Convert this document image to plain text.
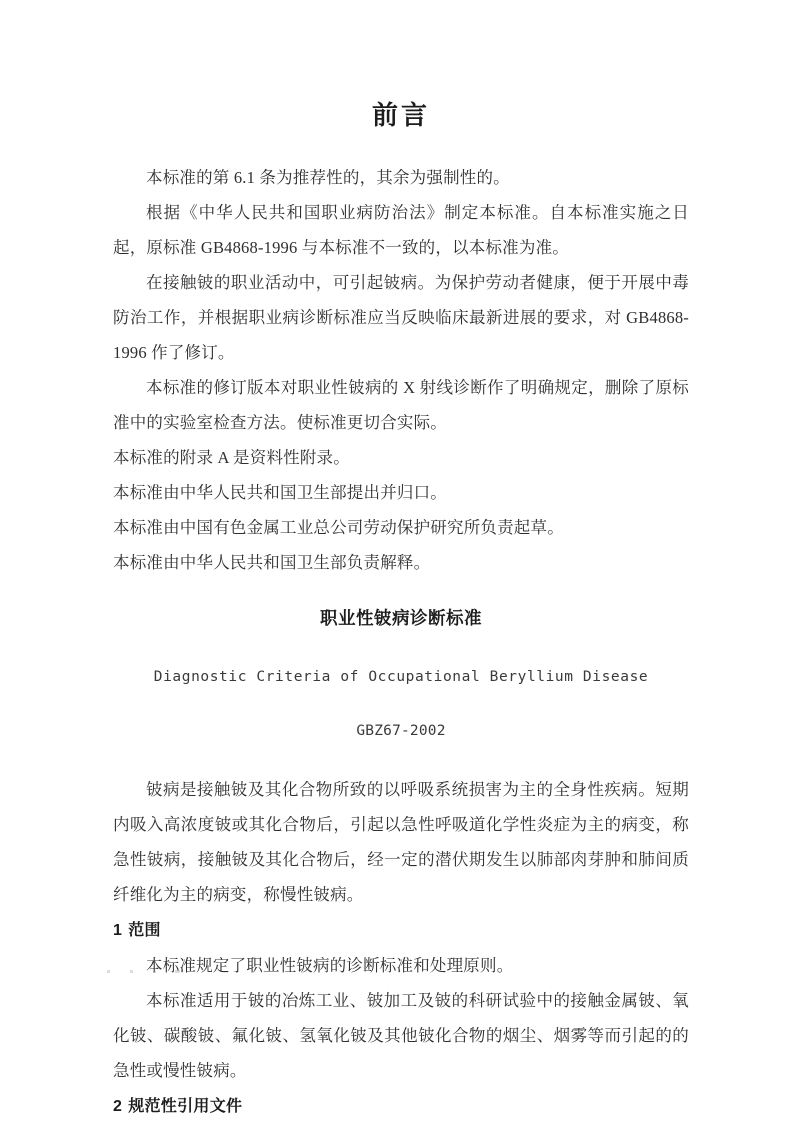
前言

本标准的第 6.1 条为推荐性的，其余为强制性的。

根据《中华人民共和国职业病防治法》制定本标准。自本标准实施之日起，原标准 GB4868-1996 与本标准不一致的，以本标准为准。

在接触铍的职业活动中，可引起铍病。为保护劳动者健康，便于开展中毒防治工作，并根据职业病诊断标准应当反映临床最新进展的要求，对 GB4868-1996 作了修订。

本标准的修订版本对职业性铍病的 X 射线诊断作了明确规定，删除了原标准中的实验室检查方法。使标准更切合实际。

本标准的附录 A 是资料性附录。

本标准由中华人民共和国卫生部提出并归口。

本标准由中国有色金属工业总公司劳动保护研究所负责起草。

本标准由中华人民共和国卫生部负责解释。

职业性铍病诊断标准

Diagnostic Criteria of Occupational Beryllium Disease

GBZ67-2002

铍病是接触铍及其化合物所致的以呼吸系统损害为主的全身性疾病。短期内吸入高浓度铍或其化合物后，引起以急性呼吸道化学性炎症为主的病变，称急性铍病，接触铍及其化合物后，经一定的潜伏期发生以肺部肉芽肿和肺间质纤维化为主的病变，称慢性铍病。

1 范围

本标准规定了职业性铍病的诊断标准和处理原则。

本标准适用于铍的冶炼工业、铍加工及铍的科研试验中的接触金属铍、氧化铍、碳酸铍、氟化铍、氢氧化铍及其他铍化合物的烟尘、烟雾等而引起的的急性或慢性铍病。

2 规范性引用文件
